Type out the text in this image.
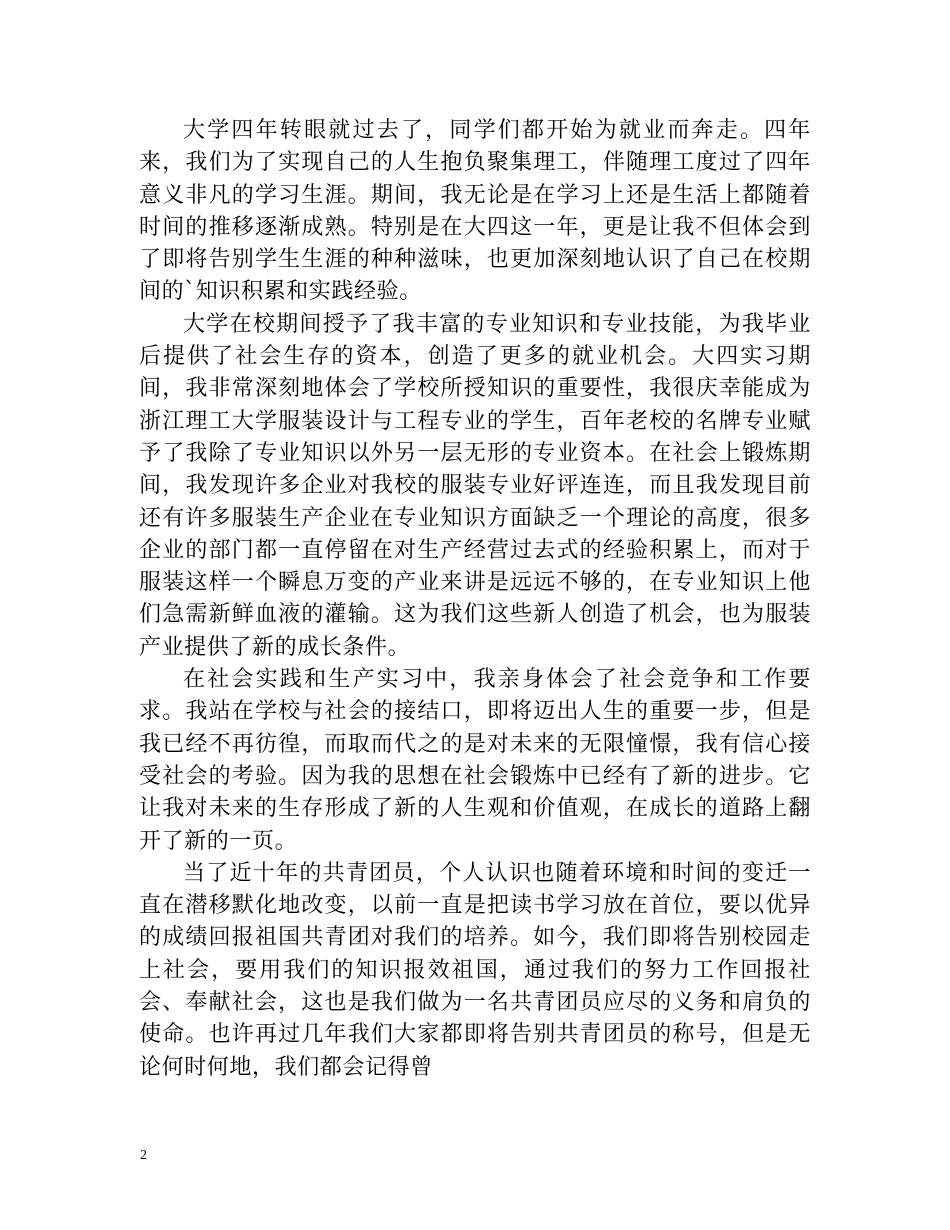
大学四年转眼就过去了，同学们都开始为就业而奔走。四年来，我们为了实现自己的人生抱负聚集理工，伴随理工度过了四年意义非凡的学习生涯。期间，我无论是在学习上还是生活上都随着时间的推移逐渐成熟。特别是在大四这一年，更是让我不但体会到了即将告别学生生涯的种种滋味，也更加深刻地认识了自己在校期间的`知识积累和实践经验。

大学在校期间授予了我丰富的专业知识和专业技能，为我毕业后提供了社会生存的资本，创造了更多的就业机会。大四实习期间，我非常深刻地体会了学校所授知识的重要性，我很庆幸能成为浙江理工大学服装设计与工程专业的学生，百年老校的名牌专业赋予了我除了专业知识以外另一层无形的专业资本。在社会上锻炼期间，我发现许多企业对我校的服装专业好评连连，而且我发现目前还有许多服装生产企业在专业知识方面缺乏一个理论的高度，很多企业的部门都一直停留在对生产经营过去式的经验积累上，而对于服装这样一个瞬息万变的产业来讲是远远不够的，在专业知识上他们急需新鲜血液的灌输。这为我们这些新人创造了机会，也为服装产业提供了新的成长条件。

在社会实践和生产实习中，我亲身体会了社会竞争和工作要求。我站在学校与社会的接结口，即将迈出人生的重要一步，但是我已经不再彷徨，而取而代之的是对未来的无限憧憬，我有信心接受社会的考验。因为我的思想在社会锻炼中已经有了新的进步。它让我对未来的生存形成了新的人生观和价值观，在成长的道路上翻开了新的一页。

当了近十年的共青团员，个人认识也随着环境和时间的变迁一直在潜移默化地改变，以前一直是把读书学习放在首位，要以优异的成绩回报祖国共青团对我们的培养。如今，我们即将告别校园走上社会，要用我们的知识报效祖国，通过我们的努力工作回报社会、奉献社会，这也是我们做为一名共青团员应尽的义务和肩负的使命。也许再过几年我们大家都即将告别共青团员的称号，但是无论何时何地，我们都会记得曾

2
